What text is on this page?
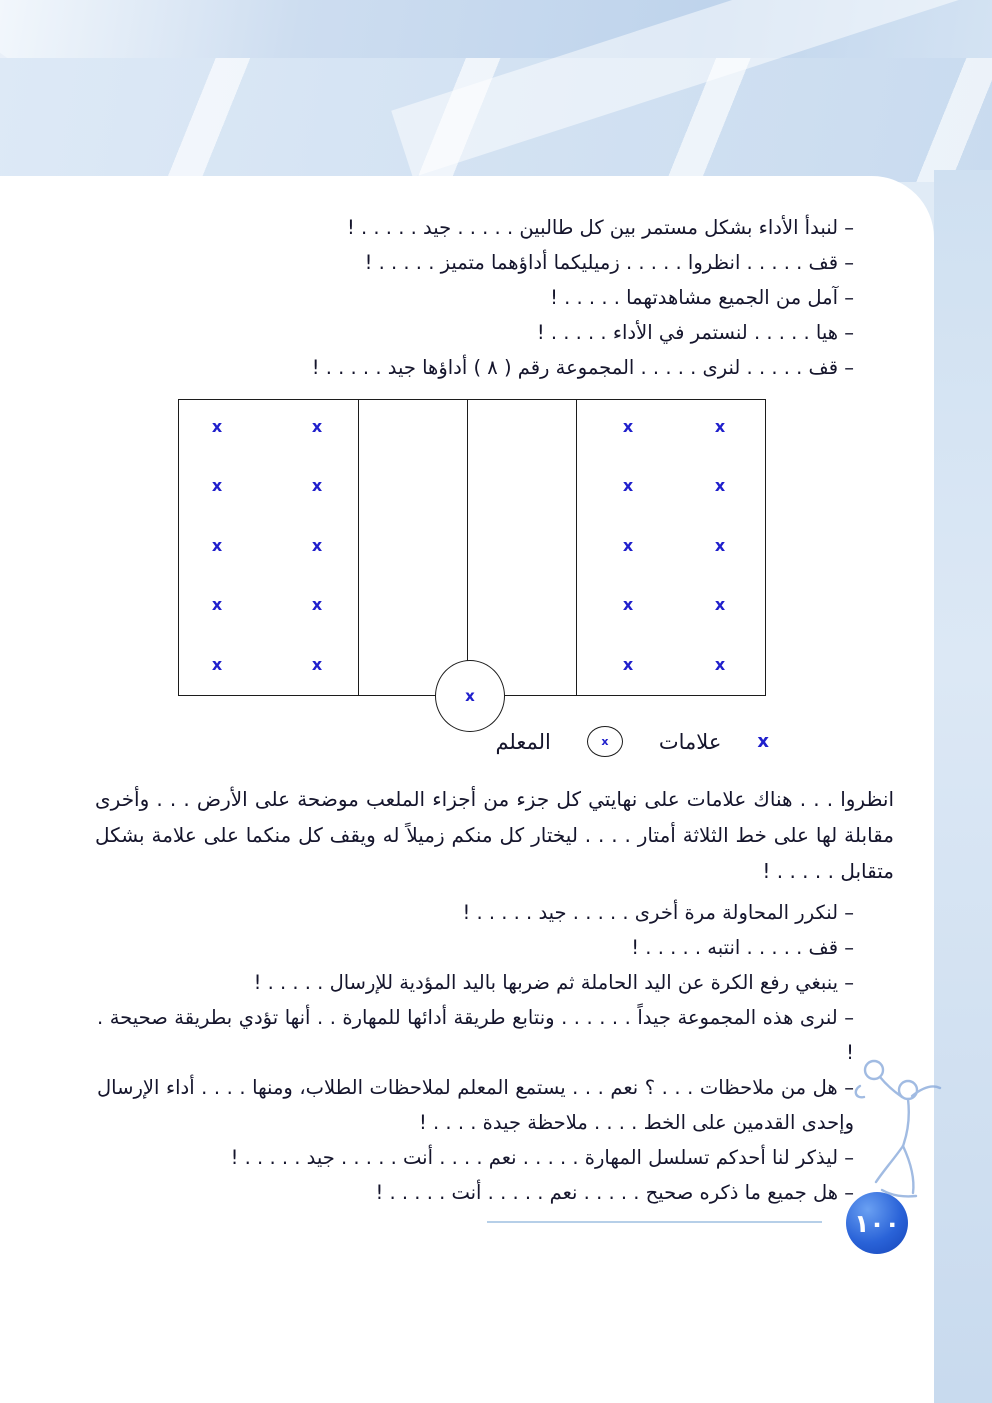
– لنبدأ الأداء بشكل مستمر بين كل طالبين . . . . . جيد . . . . . !

– قف . . . . . انظروا . . . . . زميليكما أداؤهما متميز . . . . . !

– آمل من الجميع مشاهدتهما . . . . . !

– هيا . . . . . لنستمر في الأداء . . . . . !

– قف . . . . . لنرى . . . . . المجموعة رقم ( ٨ ) أداؤها جيد . . . . . !

x	x
x	x
x	x
x	x
x	x
x	x
x	x
x	x
x	x
x	x
x
x
علامات
x
المعلم

انظروا . . . هناك علامات على نهايتي كل جزء من أجزاء الملعب موضحة على الأرض . . . وأخرى مقابلة لها على خط الثلاثة أمتار . . . . ليختار كل منكم زميلاً له ويقف كل منكما على علامة بشكل متقابل . . . . . !

– لنكرر المحاولة مرة أخرى . . . . . جيد . . . . . !

– قف . . . . . انتبه . . . . . !

– ينبغي رفع الكرة عن اليد الحاملة ثم ضربها باليد المؤدية للإرسال . . . . . !

– لنرى هذه المجموعة جيداً . . . . . . ونتابع طريقة أدائها للمهارة . . أنها تؤدي بطريقة صحيحة . !

– هل من ملاحظات . . . ؟ نعم . . . يستمع المعلم لملاحظات الطلاب، ومنها . . . . أداء الإرسال وإحدى القدمين على الخط . . . . ملاحظة جيدة . . . . !

– ليذكر لنا أحدكم تسلسل المهارة . . . . . نعم . . . . أنت . . . . . جيد . . . . . !

– هل جميع ما ذكره صحيح . . . . . نعم . . . . . أنت . . . . . !

١٠٠
